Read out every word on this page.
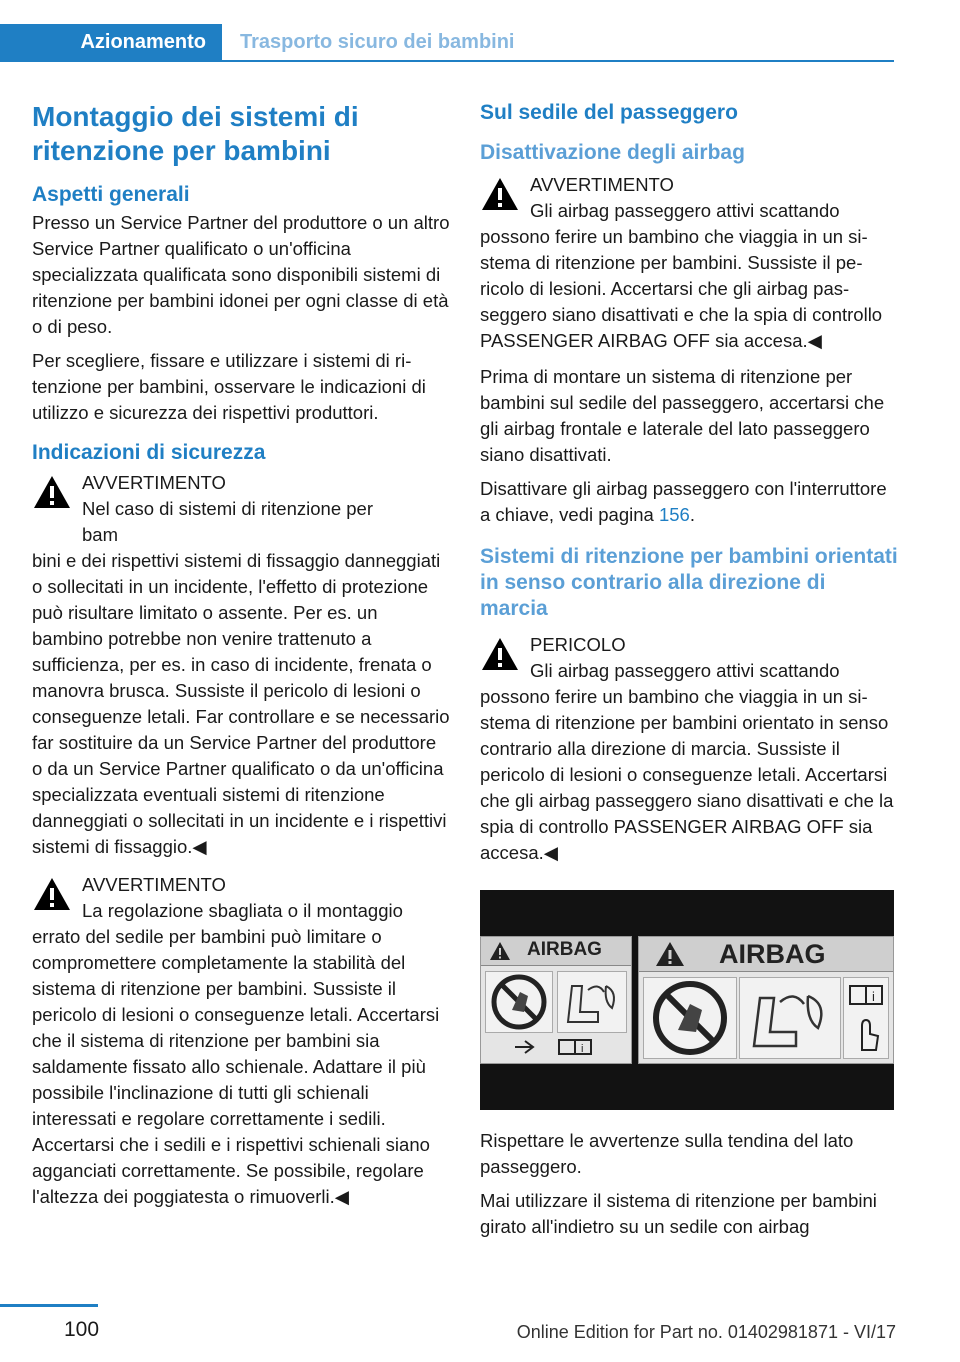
Azionamento Trasporto sicuro dei bambini
Montaggio dei sistemi di ritenzione per bambini
Aspetti generali

Presso un Service Partner del produttore o un altro Service Partner qualificato o un'officina specializzata qualificata sono disponibili sistemi di ritenzione per bambini idonei per ogni classe di età o di peso.

Per scegliere, fissare e utilizzare i sistemi di ritenzione per bambini, osservare le indicazioni di utilizzo e sicurezza dei rispettivi produttori.

Indicazioni di sicurezza
AVVERTIMENTO
Nel caso di sistemi di ritenzione per bam
bini e dei rispettivi sistemi di fissaggio danneggiati o sollecitati in un incidente, l'effetto di protezione può risultare limitato o assente. Per es. un bambino potrebbe non venire trattenuto a sufficienza, per es. in caso di incidente, frenata o manovra brusca. Sussiste il pericolo di lesioni o conseguenze letali. Far controllare e se necessario far sostituire da un Service Partner del produttore o da un Service Partner qualificato o da un'officina specializzata eventuali sistemi di ritenzione danneggiati o sollecitati in un incidente e i rispettivi sistemi di fissaggio.◀
AVVERTIMENTO
La regolazione sbagliata o il montaggio
errato del sedile per bambini può limitare o compromettere completamente la stabilità del sistema di ritenzione per bambini. Sussiste il pericolo di lesioni o conseguenze letali. Accertarsi che il sistema di ritenzione per bambini sia saldamente fissato allo schienale. Adattare il più possibile l'inclinazione di tutti gli schienali interessati e regolare correttamente i sedili. Accertarsi che i sedili e i rispettivi schienali siano agganciati correttamente. Se possibile, regolare l'altezza dei poggiatesta o rimuoverli.◀
Sul sedile del passeggero
Disattivazione degli airbag
AVVERTIMENTO
Gli airbag passeggero attivi scattando
possono ferire un bambino che viaggia in un sistema di ritenzione per bambini. Sussiste il pericolo di lesioni. Accertarsi che gli airbag passeggero siano disattivati e che la spia di controllo PASSENGER AIRBAG OFF sia accesa.◀

Prima di montare un sistema di ritenzione per bambini sul sedile del passeggero, accertarsi che gli airbag frontale e laterale del lato passeggero siano disattivati.

Disattivare gli airbag passeggero con l'interruttore a chiave, vedi pagina 156.

Sistemi di ritenzione per bambini orientati in senso contrario alla direzione di marcia
PERICOLO
Gli airbag passeggero attivi scattando
possono ferire un bambino che viaggia in un sistema di ritenzione per bambini orientato in senso contrario alla direzione di marcia. Sussiste il pericolo di lesioni o conseguenze letali. Accertarsi che gli airbag passeggero siano disattivati e che la spia di controllo PASSENGER AIRBAG OFF sia accesa.◀
AIRBAG
i
AIRBAG
i

Rispettare le avvertenze sulla tendina del lato passeggero.

Mai utilizzare il sistema di ritenzione per bambini girato all'indietro su un sedile con airbag

100	Online Edition for Part no. 01402981871 - VI/17
